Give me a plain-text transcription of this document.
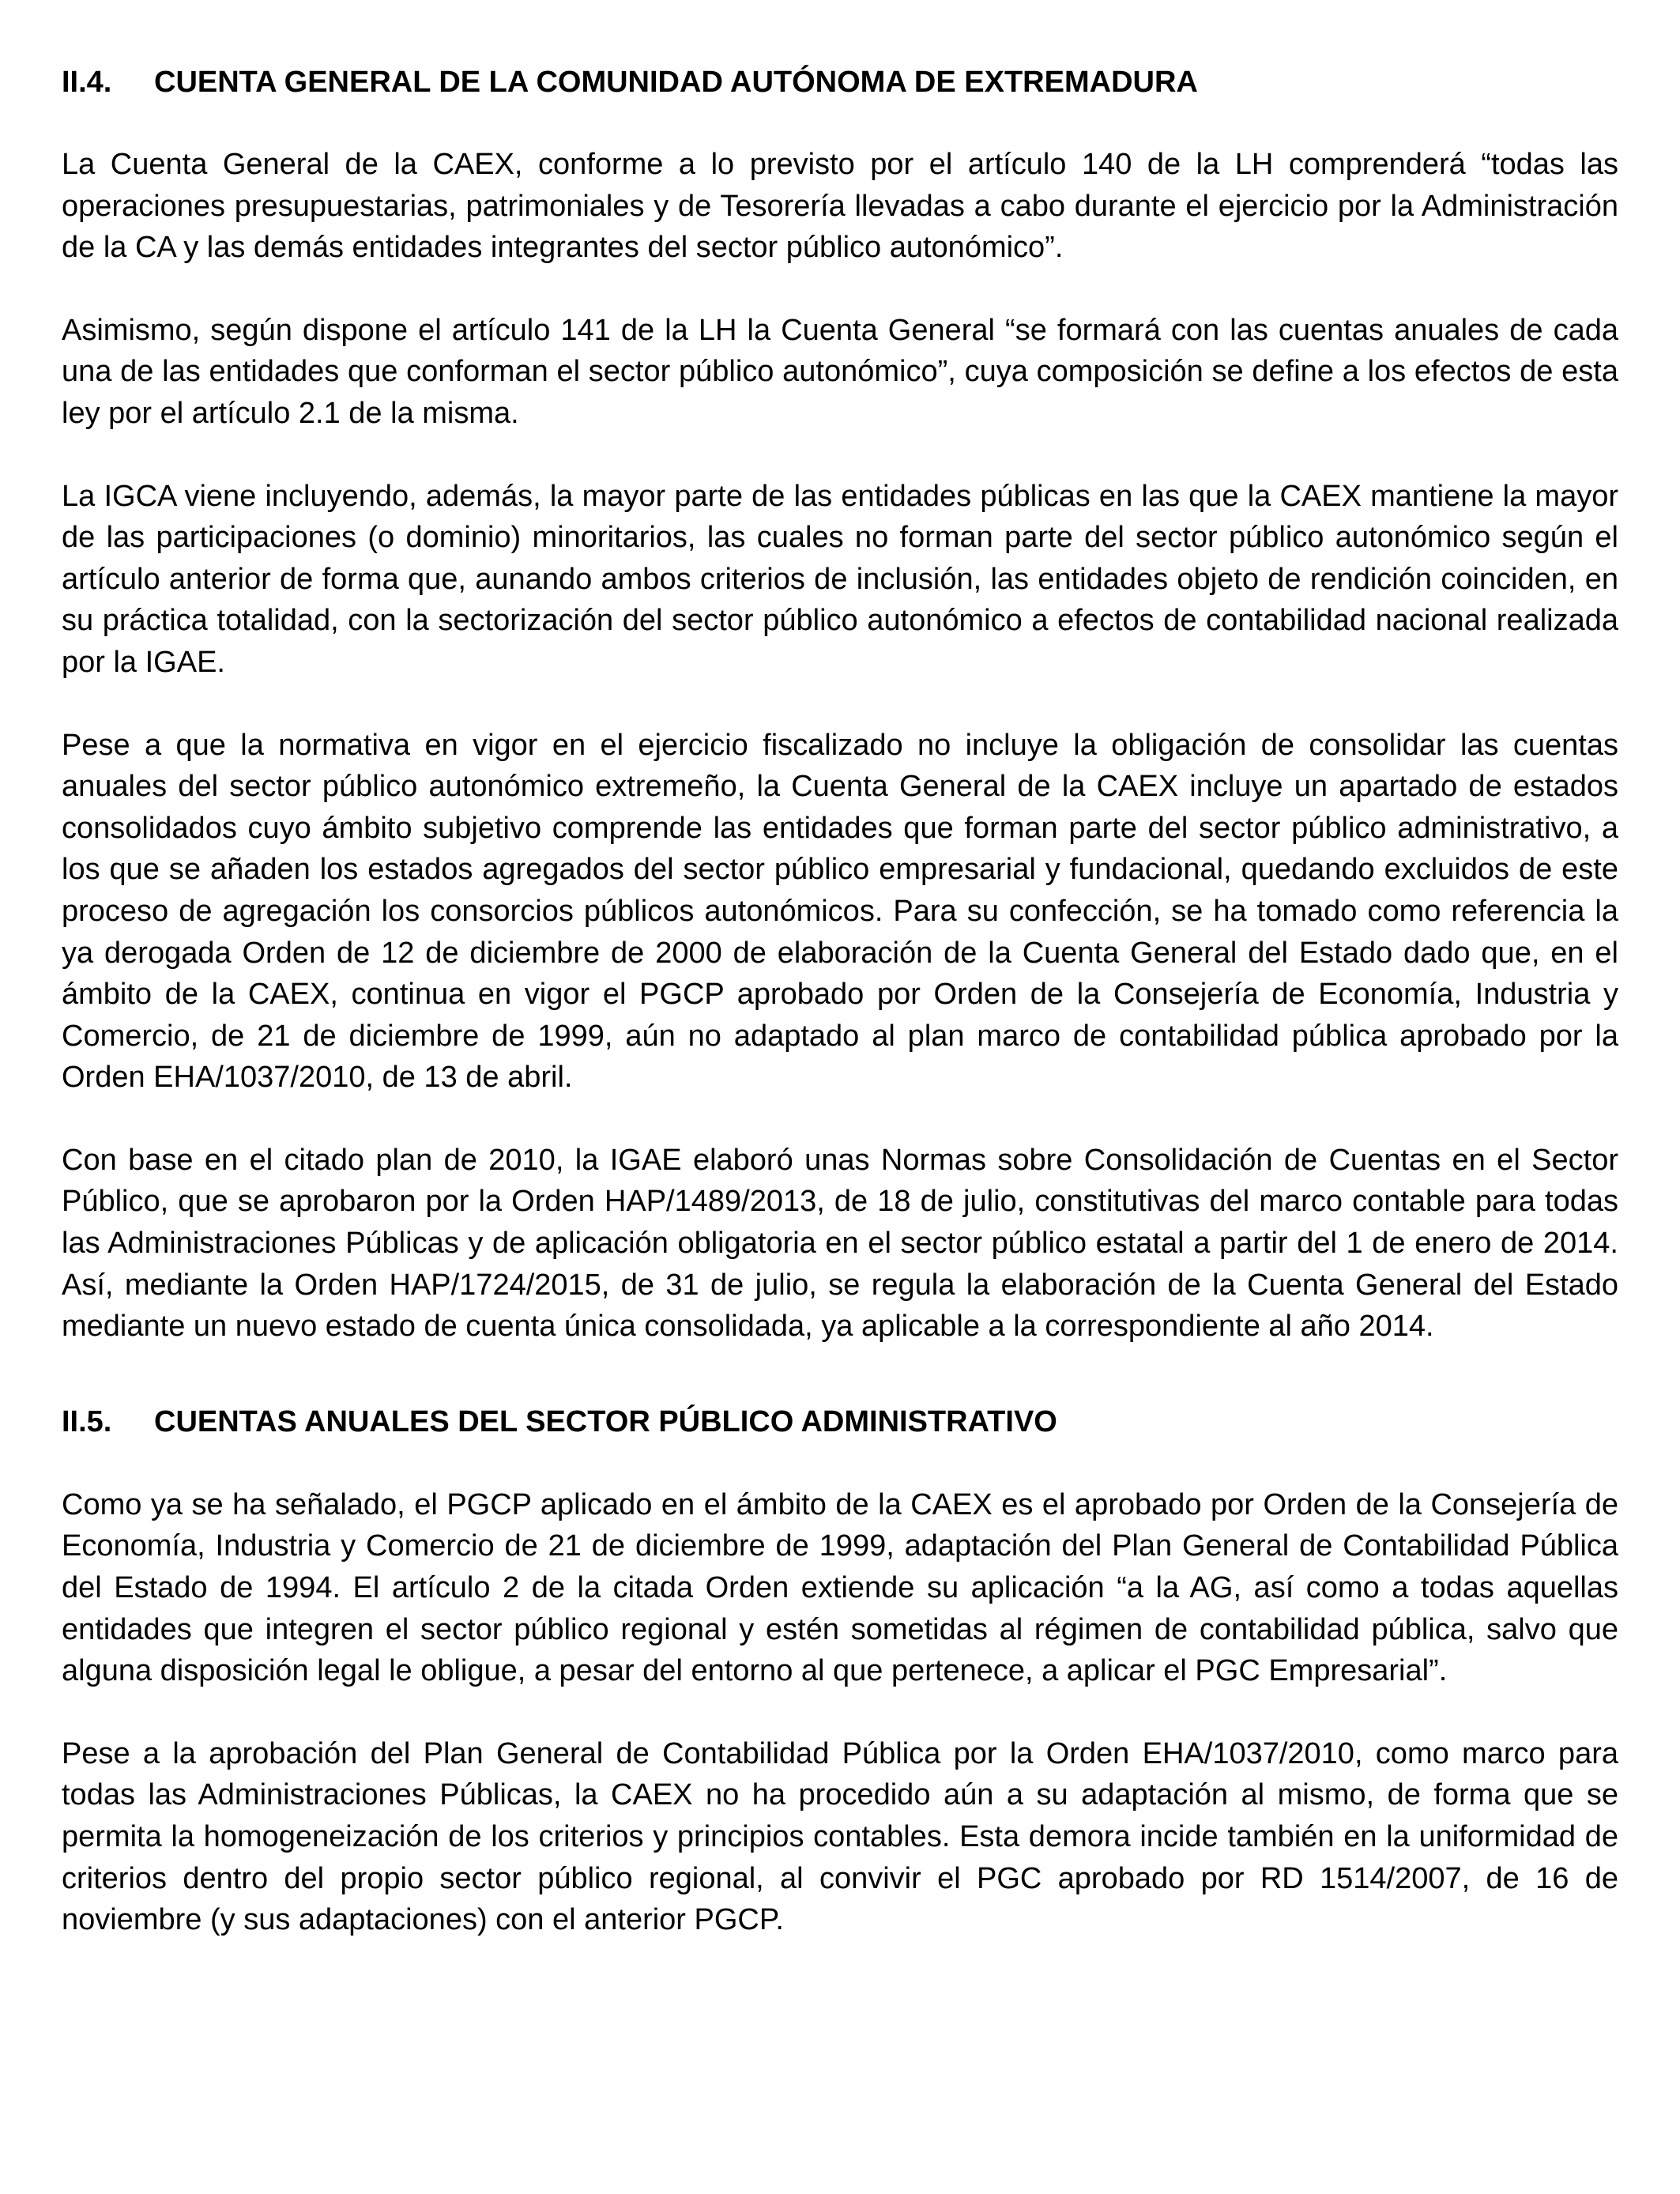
II.4.	CUENTA GENERAL DE LA COMUNIDAD AUTÓNOMA DE EXTREMADURA

La Cuenta General de la CAEX, conforme a lo previsto por el artículo 140 de la LH comprenderá “todas las operaciones presupuestarias, patrimoniales y de Tesorería llevadas a cabo durante el ejercicio por la Administración de la CA y las demás entidades integrantes del sector público autonómico”.

Asimismo, según dispone el artículo 141 de la LH la Cuenta General “se formará con las cuentas anuales de cada una de las entidades que conforman el sector público autonómico”, cuya composición se define a los efectos de esta ley por el artículo 2.1 de la misma.

La IGCA viene incluyendo, además, la mayor parte de las entidades públicas en las que la CAEX mantiene la mayor de las participaciones (o dominio) minoritarios, las cuales no forman parte del sector público autonómico según el artículo anterior de forma que, aunando ambos criterios de inclusión, las entidades objeto de rendición coinciden, en su práctica totalidad, con la sectorización del sector público autonómico a efectos de contabilidad nacional realizada por la IGAE.

Pese a que la normativa en vigor en el ejercicio fiscalizado no incluye la obligación de consolidar las cuentas anuales del sector público autonómico extremeño, la Cuenta General de la CAEX incluye un apartado de estados consolidados cuyo ámbito subjetivo comprende las entidades que forman parte del sector público administrativo, a los que se añaden los estados agregados del sector público empresarial y fundacional, quedando excluidos de este proceso de agregación los consorcios públicos autonómicos. Para su confección, se ha tomado como referencia la ya derogada Orden de 12 de diciembre de 2000 de elaboración de la Cuenta General del Estado dado que, en el ámbito de la CAEX, continua en vigor el PGCP aprobado por Orden de la Consejería de Economía, Industria y Comercio, de 21 de diciembre de 1999, aún no adaptado al plan marco de contabilidad pública aprobado por la Orden EHA/1037/2010, de 13 de abril.

Con base en el citado plan de 2010, la IGAE elaboró unas Normas sobre Consolidación de Cuentas en el Sector Público, que se aprobaron por la Orden HAP/1489/2013, de 18 de julio, constitutivas del marco contable para todas las Administraciones Públicas y de aplicación obligatoria en el sector público estatal a partir del 1 de enero de 2014. Así, mediante la Orden HAP/1724/2015, de 31 de julio, se regula la elaboración de la Cuenta General del Estado mediante un nuevo estado de cuenta única consolidada, ya aplicable a la correspondiente al año 2014.

II.5.	CUENTAS ANUALES DEL SECTOR PÚBLICO ADMINISTRATIVO

Como ya se ha señalado, el PGCP aplicado en el ámbito de la CAEX es el aprobado por Orden de la Consejería de Economía, Industria y Comercio de 21 de diciembre de 1999, adaptación del Plan General de Contabilidad Pública del Estado de 1994. El artículo 2 de la citada Orden extiende su aplicación “a la AG, así como a todas aquellas entidades que integren el sector público regional y estén sometidas al régimen de contabilidad pública, salvo que alguna disposición legal le obligue, a pesar del entorno al que pertenece, a aplicar el PGC Empresarial”.

Pese a la aprobación del Plan General de Contabilidad Pública por la Orden EHA/1037/2010, como marco para todas las Administraciones Públicas, la CAEX no ha procedido aún a su adaptación al mismo, de forma que se permita la homogeneización de los criterios y principios contables. Esta demora incide también en la uniformidad de criterios dentro del propio sector público regional, al convivir el PGC aprobado por RD 1514/2007, de 16 de noviembre (y sus adaptaciones) con el anterior PGCP.
